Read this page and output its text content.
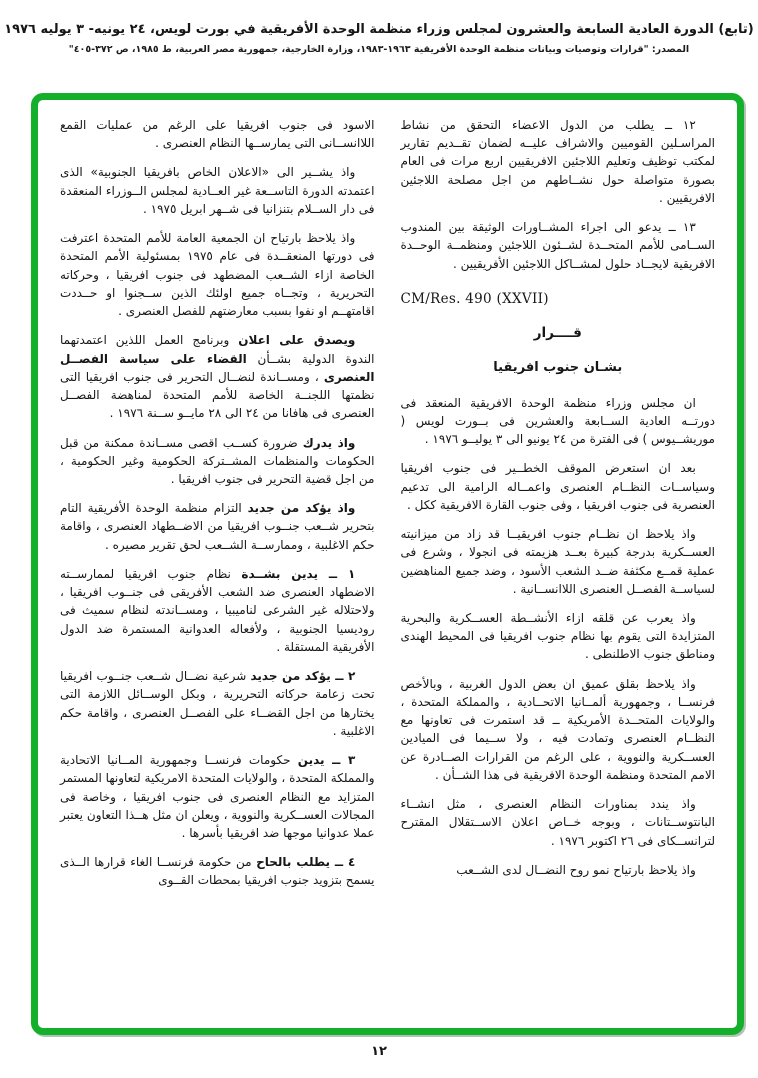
(تابع) الدورة العادية السابعة والعشرون لمجلس وزراء منظمة الوحدة الأفريقية في بورت لويس، ٢٤ يونيه- ٣ يوليه ١٩٧٦
المصدر: "قرارات وتوصيات وبيانات منظمة الوحدة الأفريقية ١٩٦٣-١٩٨٣، وزارة الخارجية، جمهورية مصر العربية، ط ١٩٨٥، ص ٣٧٢-٤٠٥"

١٢ ــ يطلب من الدول الاعضاء التحقق من نشاط المراسـلين القوميين والاشراف عليــه لضمان تقــديم تقارير لمكتب توظيف وتعليم اللاجئين الافريقيين اربع مرات فى العام بصورة متواصلة حول نشــاطهم من اجل مصلحة اللاجئين الافريقيين .

١٣ ــ يدعو الى اجراء المشــاورات الوثيقة بين المندوب الســامى للأمم المتحــدة لشــئون اللاجئين ومنظمــة الوحــدة الافريقية لايجــاد حلول لمشــاكل اللاجئين الأفريقيين .

CM/Res. 490 (XXVII)
قــــرار
بشـان جنوب افريقيا

ان مجلس وزراء منظمة الوحدة الافريقية المنعقد فى دورتــه العادية الســابعة والعشرين فى بــورت لويس ( موريشــيوس ) فى الفترة من ٢٤ يونيو الى ٣ يوليــو ١٩٧٦ .

بعد ان استعرض الموقف الخطــير فى جنوب افريقيا وسياســات النظــام العنصرى واعمــاله الرامية الى تدعيم العنصرية فى جنوب افريقيا ، وفى جنوب القارة الافريقية ككل .

واذ يلاحظ ان نظــام جنوب افريقيــا قد زاد من ميزانيته العســكرية بدرجة كبيرة بعــد هزيمته فى انجولا ، وشرع فى عملية قمــع مكثفة ضــد الشعب الأسود ، وضد جميع المناهضين لسياســة الفصــل العنصرى اللاانســانية .

واذ يعرب عن قلقه ازاء الأنشــطة العســكرية والبحرية المتزايدة التى يقوم بها نظام جنوب افريقيا فى المحيط الهندى ومناطق جنوب الاطلنطى .

واذ يلاحظ بقلق عميق ان بعض الدول الغربية ، وبالأخص فرنســا ، وجمهورية ألمــانيا الاتحــادية ، والمملكة المتحدة ، والولايات المتحــدة الأمريكية ــ قد استمرت فى تعاونها مع النظــام العنصرى وتمادت فيه ، ولا ســيما فى الميادين العســكرية والنووية ، على الرغم من القرارات الصــادرة عن الامم المتحدة ومنظمة الوحدة الافريقية فى هذا الشــأن .

واذ يندد بمناورات النظام العنصرى ، مثل انشــاء البانتوســتانات ، وبوجه خــاص اعلان الاســتقلال المقترح لترانســكاى فى ٢٦ اكتوبر ١٩٧٦ .

واذ يلاحظ بارتياح نمو روح النضــال لدى الشــعب

الاسود فى جنوب افريقيا على الرغم من عمليات القمع اللاانســانى التى يمارســها النظام العنصرى .

واذ يشــير الى «الاعلان الخاص بافريقيا الجنوبية» الذى اعتمدته الدورة التاســعة غير العــادية لمجلس الــوزراء المنعقدة فى دار الســلام بتنزانيا فى شــهر ابريل ١٩٧٥ .

واذ يلاحظ بارتياح ان الجمعية العامة للأمم المتحدة اعترفت فى دورتها المنعقــدة فى عام ١٩٧٥ بمسئولية الأمم المتحدة الخاصة ازاء الشــعب المضطهد فى جنوب افريقيا ، وحركاته التحريرية ، وتجــاه جميع اولئك الذين ســجنوا او حــددت اقامتهــم او نفوا بسبب معارضتهم للفصل العنصرى .

ويصدق على اعلان وبرنامج العمل اللذين اعتمدتهما الندوة الدولية بشــأن القضاء على سياسة الفصــل العنصرى ، ومســاندة لنضــال التحرير فى جنوب افريقيا التى نظمتها اللجنــة الخاصة للأمم المتحدة لمناهضة الفصــل العنصرى فى هافانا من ٢٤ الى ٢٨ مايــو ســنة ١٩٧٦ .

واذ يدرك ضرورة كســب اقصى مســاندة ممكنة من قبل الحكومات والمنظمات المشــتركة الحكومية وغير الحكومية ، من اجل قضية التحرير فى جنوب افريقيا .

واذ يؤكد من جديد التزام منظمة الوحدة الأفريقية التام بتحرير شــعب جنــوب افريقيا من الاضــطهاد العنصرى ، واقامة حكم الاغلبية ، وممارســة الشــعب لحق تقرير مصيره .

١ ــ يدين بشــدة نظام جنوب افريقيا لممارســته الاضطهاد العنصرى ضد الشعب الأفريقى فى جنــوب افريقيا ، ولاحتلاله غير الشرعى لناميبيا ، ومســاندته لنظام سميث فى روديسيا الجنوبية ، ولأفعاله العدوانية المستمرة ضد الدول الأفريقية المستقلة .

٢ ــ يؤكد من جديد شرعية نضــال شــعب جنــوب افريقيا تحت زعامة حركاته التحريرية ، وبكل الوســائل اللازمة التى يختارها من اجل القضــاء على الفصــل العنصرى ، واقامة حكم الاغلبية .

٣ ــ يدين حكومات فرنســا وجمهورية المــانيا الاتحادية والمملكة المتحدة ، والولايات المتحدة الامريكية لتعاونها المستمر المتزايد مع النظام العنصرى فى جنوب افريقيا ، وخاصة فى المجالات العســكرية والنووية ، ويعلن ان مثل هــذا التعاون يعتبر عملا عدوانيا موجها ضد افريقيا بأسرها .

٤ ــ يطلب بالحاح من حكومة فرنســا الغاء قرارها الــذى يسمح بتزويد جنوب افريقيا بمحطات القــوى

١٢
